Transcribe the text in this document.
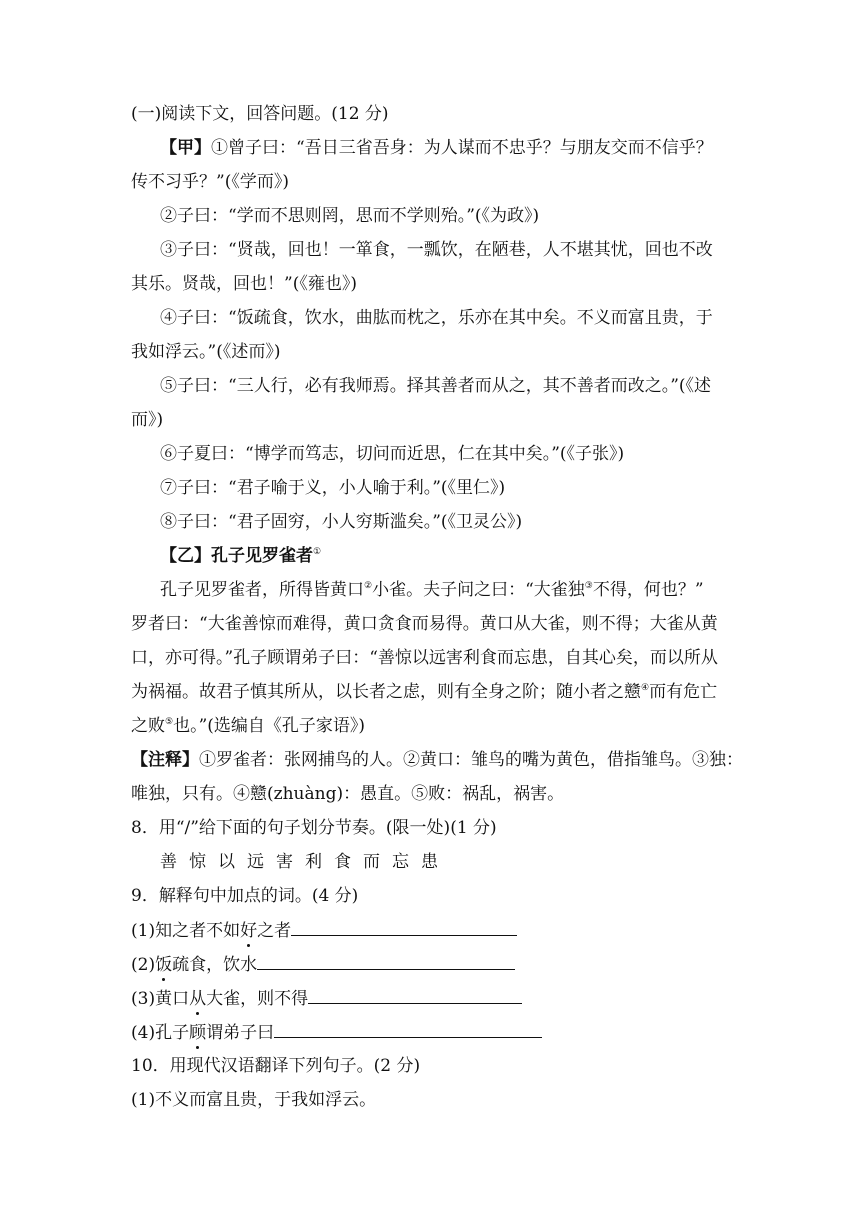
(一)阅读下文，回答问题。(12 分)
【甲】①曾子曰：“吾日三省吾身：为人谋而不忠乎？与朋友交而不信乎？
传不习乎？”(《学而》)
②子曰：“学而不思则罔，思而不学则殆。”(《为政》)
③子曰：“贤哉，回也！一箪食，一瓢饮，在陋巷，人不堪其忧，回也不改
其乐。贤哉，回也！”(《雍也》)
④子曰：“饭疏食，饮水，曲肱而枕之，乐亦在其中矣。不义而富且贵，于
我如浮云。”(《述而》)
⑤子曰：“三人行，必有我师焉。择其善者而从之，其不善者而改之。”(《述
而》)
⑥子夏曰：“博学而笃志，切问而近思，仁在其中矣。”(《子张》)
⑦子曰：“君子喻于义，小人喻于利。”(《里仁》)
⑧子曰：“君子固穷，小人穷斯滥矣。”(《卫灵公》)
【乙】孔子见罗雀者①
孔子见罗雀者，所得皆黄口②小雀。夫子问之曰：“大雀独③不得，何也？”
罗者曰：“大雀善惊而难得，黄口贪食而易得。黄口从大雀，则不得；大雀从黄
口，亦可得。”孔子顾谓弟子曰：“善惊以远害利食而忘患，自其心矣，而以所从
为祸福。故君子慎其所从，以长者之虑，则有全身之阶；随小者之戆④而有危亡
之败⑤也。”(选编自《孔子家语》)
【注释】①罗雀者：张网捕鸟的人。②黄口：雏鸟的嘴为黄色，借指雏鸟。③独：
唯独，只有。④戆(zhuàng)：愚直。⑤败：祸乱，祸害。
8．用“/”给下面的句子划分节奏。(限一处)(1 分)
善惊以远害利食而忘患
9．解释句中加点的词。(4 分)
(1)知之者不如好之者
(2)饭疏食，饮水
(3)黄口从大雀，则不得
(4)孔子顾谓弟子曰
10．用现代汉语翻译下列句子。(2 分)
(1)不义而富且贵，于我如浮云。
